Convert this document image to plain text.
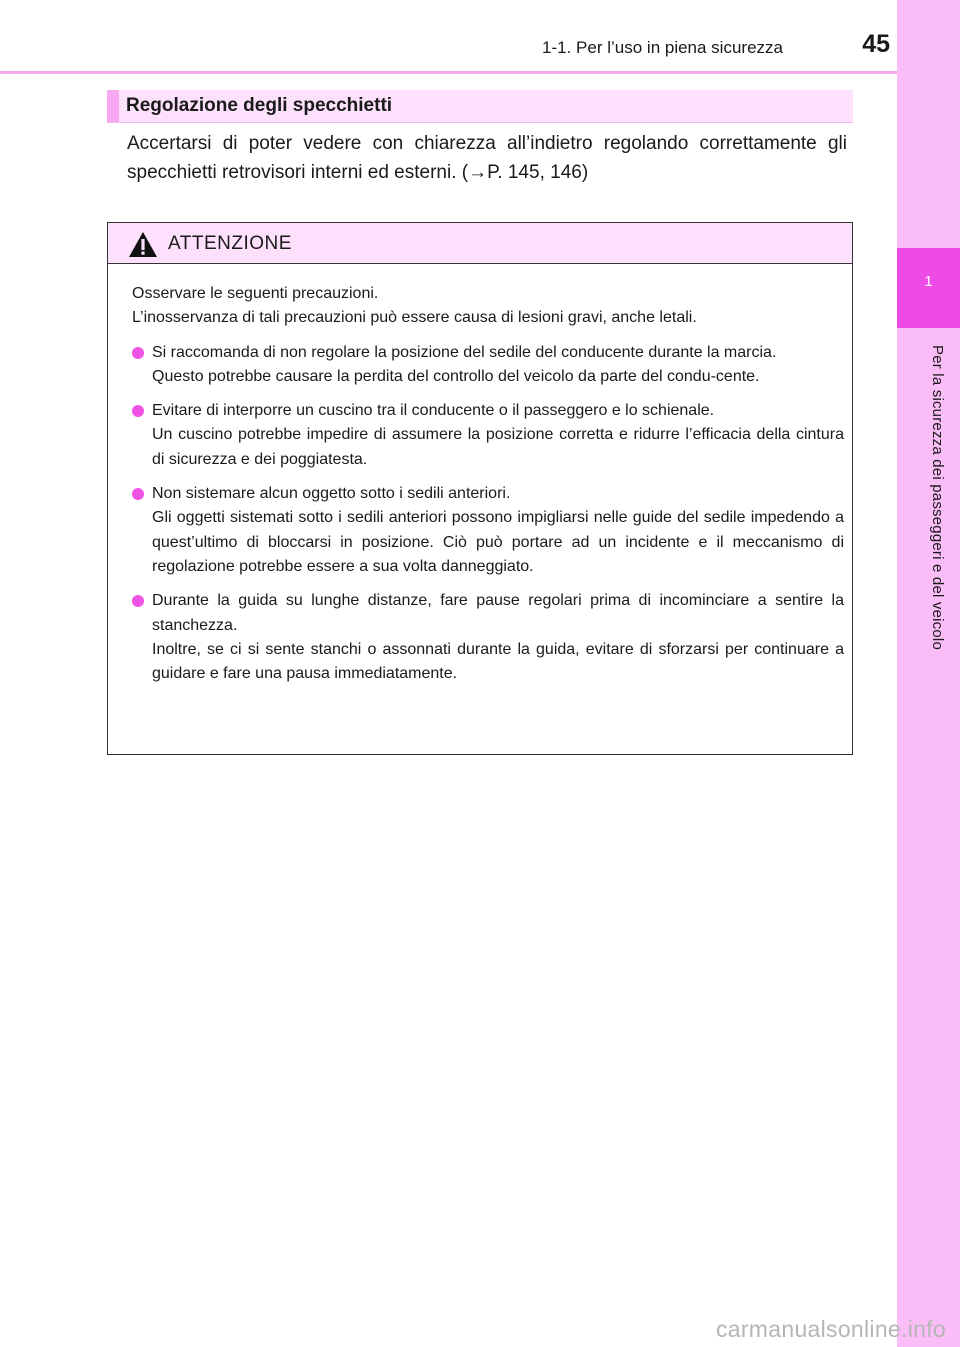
1-1. Per l’uso in piena sicurezza	45
1
Per la sicurezza dei passeggeri e del veicolo
Regolazione degli specchietti
Accertarsi di poter vedere con chiarezza all’indietro regolando correttamente gli specchietti retrovisori interni ed esterni. (→P. 145, 146)
ATTENZIONE

Osservare le seguenti precauzioni.

L’inosservanza di tali precauzioni può essere causa di lesioni gravi, anche letali.

Si raccomanda di non regolare la posizione del sedile del conducente durante la marcia.
Questo potrebbe causare la perdita del controllo del veicolo da parte del condu-cente.
Evitare di interporre un cuscino tra il conducente o il passeggero e lo schienale.
Un cuscino potrebbe impedire di assumere la posizione corretta e ridurre l’efficacia della cintura di sicurezza e dei poggiatesta.
Non sistemare alcun oggetto sotto i sedili anteriori.
Gli oggetti sistemati sotto i sedili anteriori possono impigliarsi nelle guide del sedile impedendo a quest’ultimo di bloccarsi in posizione. Ciò può portare ad un incidente e il meccanismo di regolazione potrebbe essere a sua volta danneggiato.
Durante la guida su lunghe distanze, fare pause regolari prima di incominciare a sentire la stanchezza.
Inoltre, se ci si sente stanchi o assonnati durante la guida, evitare di sforzarsi per continuare a guidare e fare una pausa immediatamente.
carmanualsonline.info
